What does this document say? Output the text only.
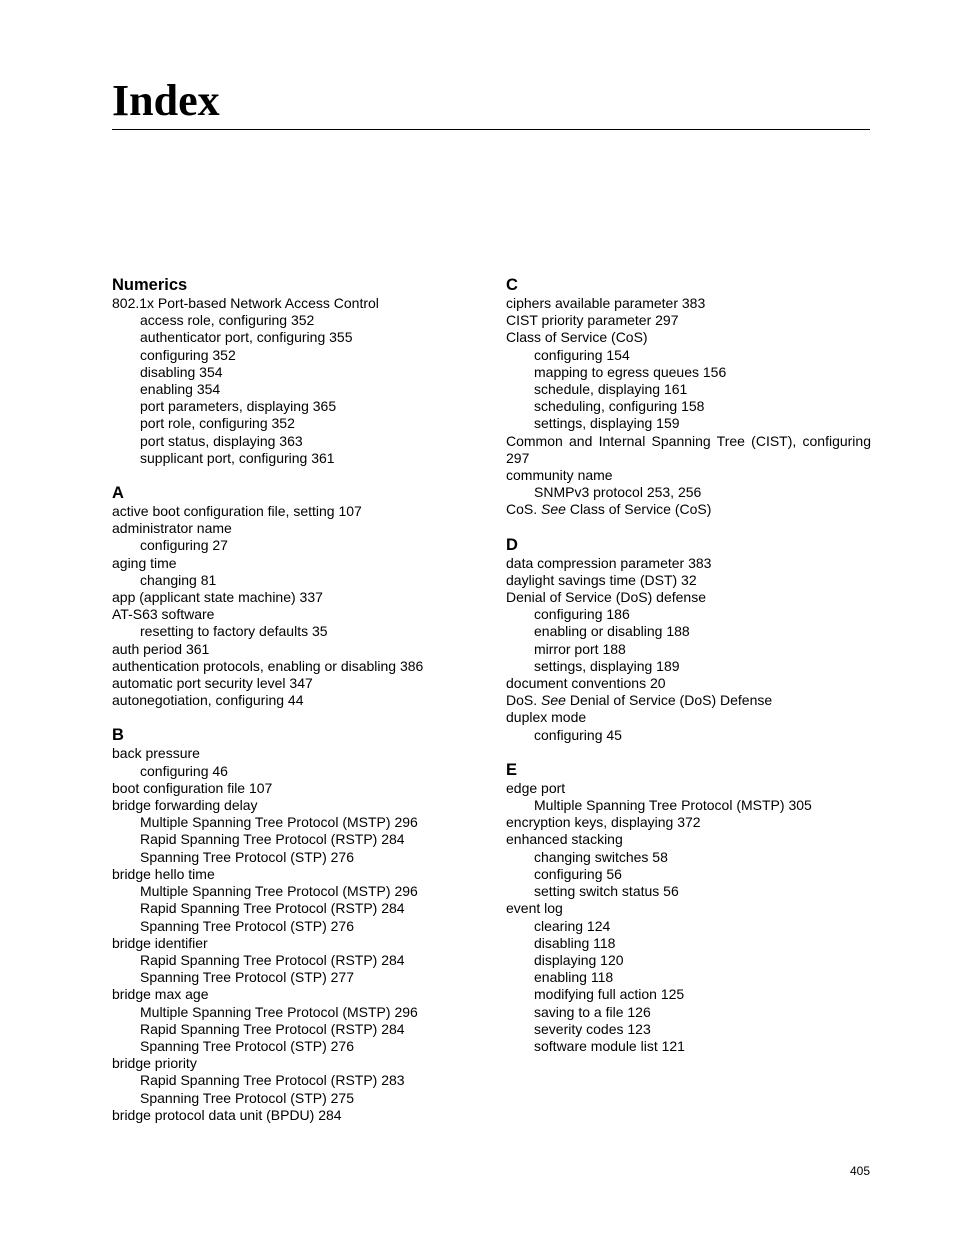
Index
Numerics
802.1x Port-based Network Access Control
access role, configuring 352
authenticator port, configuring 355
configuring 352
disabling 354
enabling 354
port parameters, displaying 365
port role, configuring 352
port status, displaying 363
supplicant port, configuring 361
A
active boot configuration file, setting 107
administrator name
configuring 27
aging time
changing 81
app (applicant state machine) 337
AT-S63 software
resetting to factory defaults 35
auth period 361
authentication protocols, enabling or disabling 386
automatic port security level 347
autonegotiation, configuring 44
B
back pressure
configuring 46
boot configuration file 107
bridge forwarding delay
Multiple Spanning Tree Protocol (MSTP) 296
Rapid Spanning Tree Protocol (RSTP) 284
Spanning Tree Protocol (STP) 276
bridge hello time
Multiple Spanning Tree Protocol (MSTP) 296
Rapid Spanning Tree Protocol (RSTP) 284
Spanning Tree Protocol (STP) 276
bridge identifier
Rapid Spanning Tree Protocol (RSTP) 284
Spanning Tree Protocol (STP) 277
bridge max age
Multiple Spanning Tree Protocol (MSTP) 296
Rapid Spanning Tree Protocol (RSTP) 284
Spanning Tree Protocol (STP) 276
bridge priority
Rapid Spanning Tree Protocol (RSTP) 283
Spanning Tree Protocol (STP) 275
bridge protocol data unit (BPDU) 284
C
ciphers available parameter 383
CIST priority parameter 297
Class of Service (CoS)
configuring 154
mapping to egress queues 156
schedule, displaying 161
scheduling, configuring 158
settings, displaying 159
Common and Internal Spanning Tree (CIST), configuring 297
community name
SNMPv3 protocol 253, 256
CoS. See Class of Service (CoS)
D
data compression parameter 383
daylight savings time (DST) 32
Denial of Service (DoS) defense
configuring 186
enabling or disabling 188
mirror port 188
settings, displaying 189
document conventions 20
DoS. See Denial of Service (DoS) Defense
duplex mode
configuring 45
E
edge port
Multiple Spanning Tree Protocol (MSTP) 305
encryption keys, displaying 372
enhanced stacking
changing switches 58
configuring 56
setting switch status 56
event log
clearing 124
disabling 118
displaying 120
enabling 118
modifying full action 125
saving to a file 126
severity codes 123
software module list 121
405
